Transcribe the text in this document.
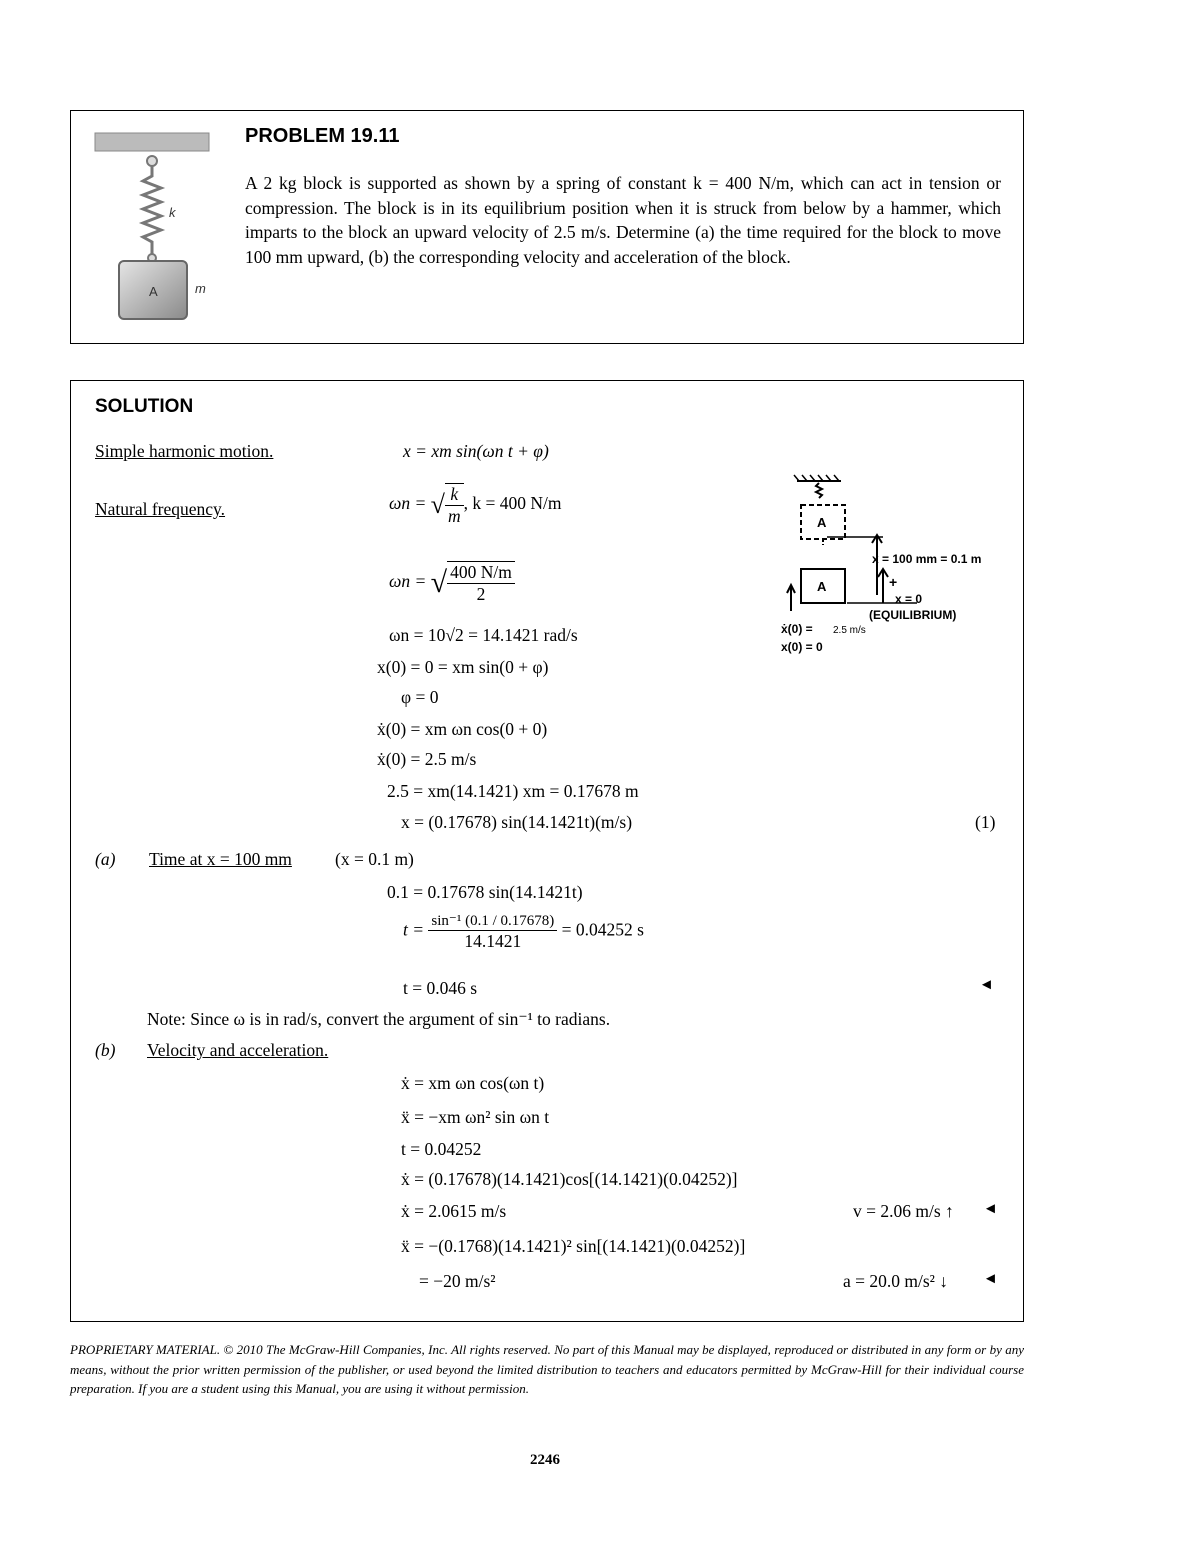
k
A	m
PROBLEM 19.11
A 2 kg block is supported as shown by a spring of constant k = 400 N/m, which can act in tension or compression. The block is in its equilibrium position when it is struck from below by a hammer, which imparts to the block an upward velocity of 2.5 m/s. Determine (a) the time required for the block to move 100 mm upward, (b) the corresponding velocity and acceleration of the block.
SOLUTION
Simple harmonic motion.	x = xm sin(ωn t + φ)
Natural frequency.	ωn = √ $\frac{k}{m}$ , k = 400 N/m
ωn = √ $\frac{400 N/m}{2}$
ωn = 10√2 = 14.1421 rad/s
x(0) = 0 = xm sin(0 + φ)
φ = 0
ẋ(0) = xm ωn cos(0 + 0)
ẋ(0) = 2.5 m/s
2.5 = xm(14.1421) xm = 0.17678 m
x = (0.17678) sin(14.1421t)(m/s)	(1)
A
x = 100 mm = 0.1 m
A	+
x = 0
(EQUILIBRIUM)
ẋ(0) = 2.5 m/s
x(0) = 0
(a) Time at x = 100 mm (x = 0.1 m)
0.1 = 0.17678 sin(14.1421t)
$t = \frac{\text{sin⁻¹ (0.1 / 0.17678)}}{14.1421} = 0.04252$ s
t = 0.046 s	◄
Note: Since ω is in rad/s, convert the argument of sin⁻¹ to radians.
(b) Velocity and acceleration.
ẋ = xm ωn cos(ωn t)
ẍ = −xm ωn² sin ωn t
t = 0.04252
ẋ = (0.17678)(14.1421)cos[(14.1421)(0.04252)]
ẋ = 2.0615 m/s	v = 2.06 m/s ↑ ◄
ẍ = −(0.1768)(14.1421)² sin[(14.1421)(0.04252)]
= −20 m/s²	a = 20.0 m/s² ↓ ◄
PROPRIETARY MATERIAL. © 2010 The McGraw-Hill Companies, Inc. All rights reserved. No part of this Manual may be displayed, reproduced or distributed in any form or by any means, without the prior written permission of the publisher, or used beyond the limited distribution to teachers and educators permitted by McGraw-Hill for their individual course preparation. If you are a student using this Manual, you are using it without permission.
2246
